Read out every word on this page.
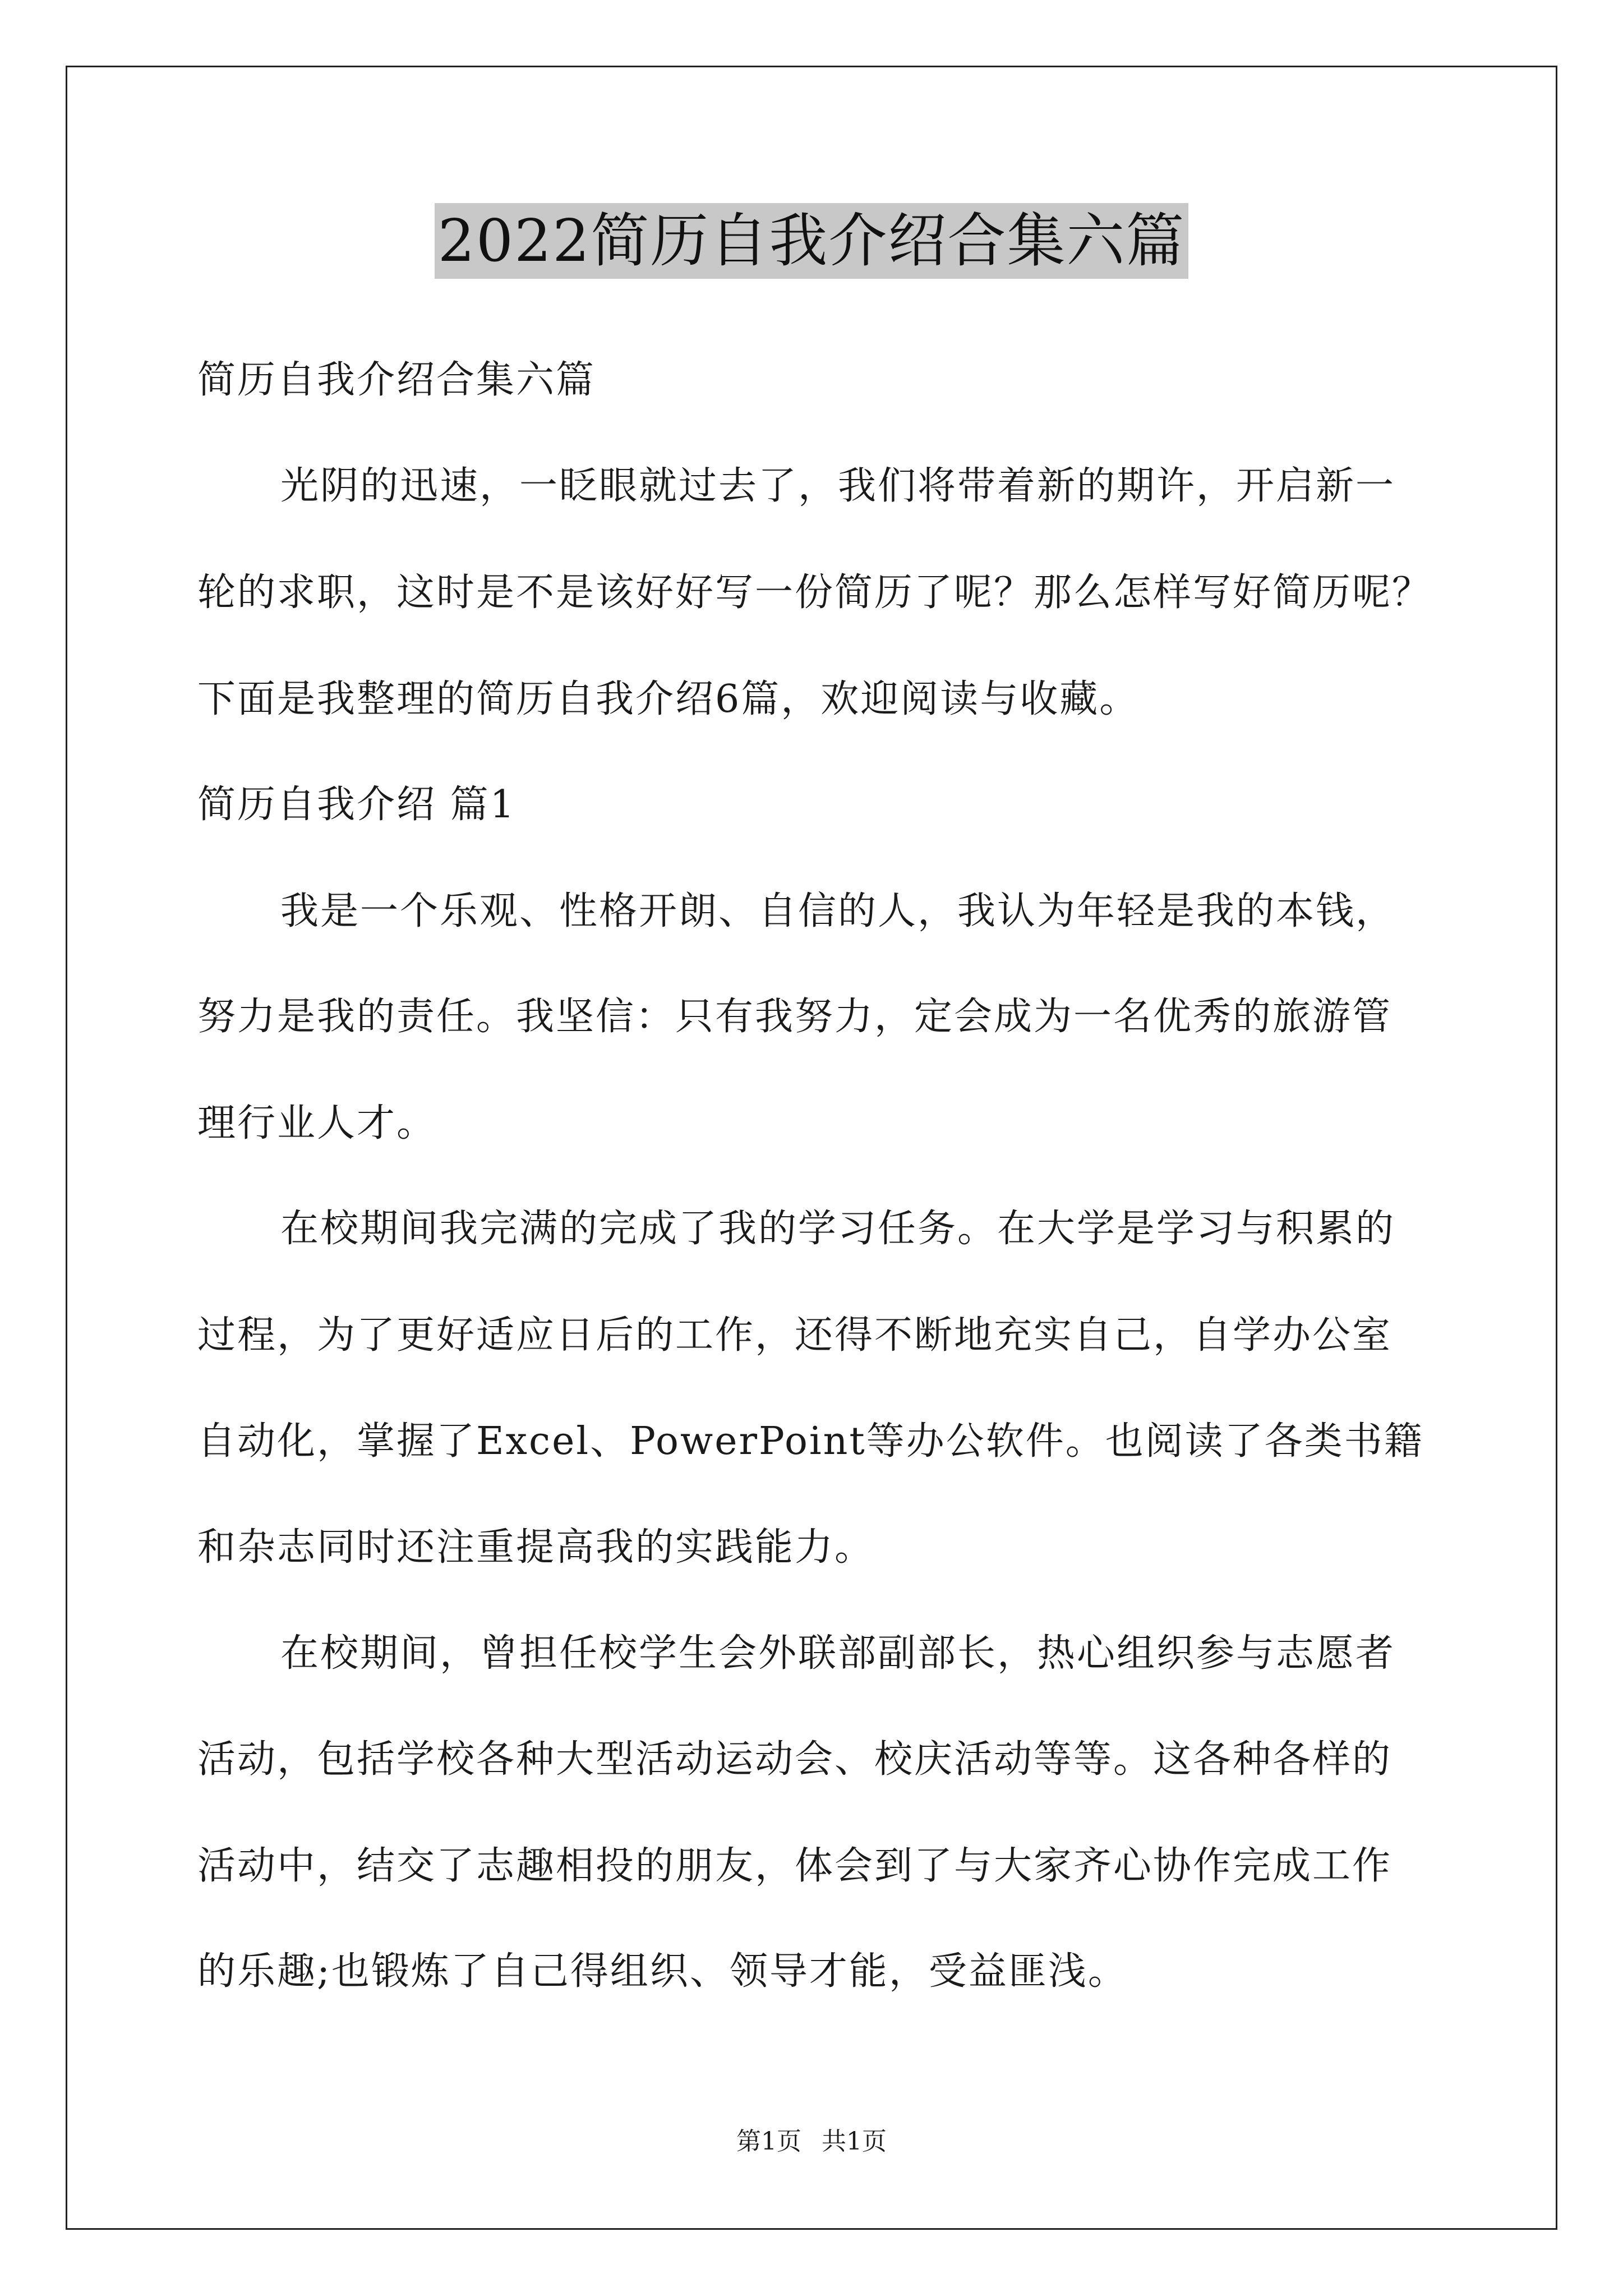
2022简历自我介绍合集六篇
简历自我介绍合集六篇
光阴的迅速，一眨眼就过去了，我们将带着新的期许，开启新一
轮的求职，这时是不是该好好写一份简历了呢？那么怎样写好简历呢？
下面是我整理的简历自我介绍6篇，欢迎阅读与收藏。
简历自我介绍 篇1
我是一个乐观、性格开朗、自信的人，我认为年轻是我的本钱，
努力是我的责任。我坚信：只有我努力，定会成为一名优秀的旅游管
理行业人才。
在校期间我完满的完成了我的学习任务。在大学是学习与积累的
过程，为了更好适应日后的工作，还得不断地充实自己，自学办公室
自动化，掌握了Excel、PowerPoint等办公软件。也阅读了各类书籍
和杂志同时还注重提高我的实践能力。
在校期间，曾担任校学生会外联部副部长，热心组织参与志愿者
活动，包括学校各种大型活动运动会、校庆活动等等。这各种各样的
活动中，结交了志趣相投的朋友，体会到了与大家齐心协作完成工作
的乐趣;也锻炼了自己得组织、领导才能，受益匪浅。
第1页 共1页
